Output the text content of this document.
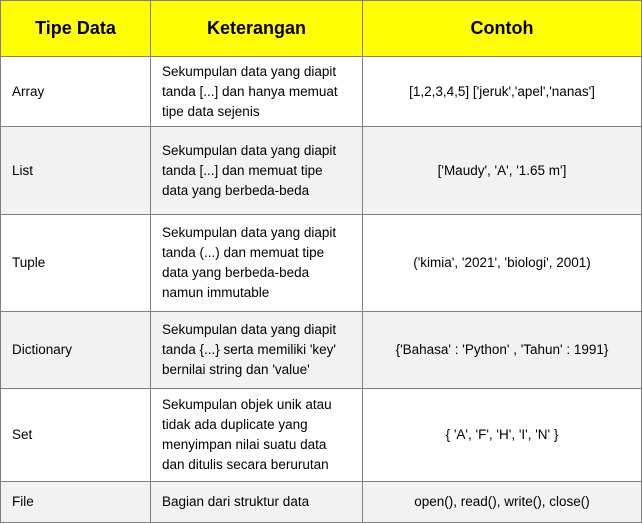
Tipe Data	Keterangan	Contoh
Array	Sekumpulan data yang diapit
tanda [...] dan hanya memuat
tipe data sejenis	[1,2,3,4,5] ['jeruk','apel','nanas']
List	Sekumpulan data yang diapit
tanda [...] dan memuat tipe
data yang berbeda-beda	['Maudy', 'A', '1.65 m']
Tuple	Sekumpulan data yang diapit
tanda (...) dan memuat tipe
data yang berbeda-beda
namun immutable	('kimia', '2021', 'biologi', 2001)
Dictionary	Sekumpulan data yang diapit
tanda {...} serta memiliki 'key'
bernilai string dan 'value'	{'Bahasa' : 'Python' , 'Tahun' : 1991}
Set	Sekumpulan objek unik atau
tidak ada duplicate yang
menyimpan nilai suatu data
dan ditulis secara berurutan	{ 'A', 'F', 'H', 'I', 'N' }
File	Bagian dari struktur data	open(), read(), write(), close()
